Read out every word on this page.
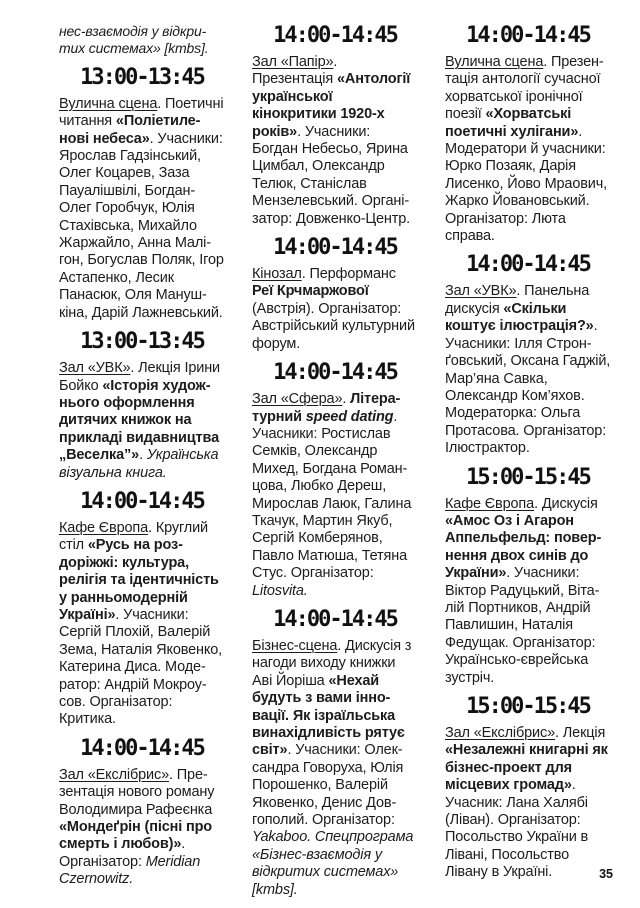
нес-взаємодія у відкритих системах» [kmbs].

13:00-13:45

Вулична сцена. Поетичні читання «Поліетиленові небеса». Учасники: Ярослав Гадзінський, Олег Коцарев, Заза Пауалішвілі, Богдан-Олег Горобчук, Юлія Стахівська, Михайло Жаржайло, Анна Малігон, Богуслав Поляк, Ігор Астапенко, Лесик Панасюк, Оля Манушкіна, Дарій Лажневський.

13:00-13:45

Зал «УВК». Лекція Ірини Бойко «Історія художнього оформлення дитячих книжок на прикладі видавництва „Веселка”». Українська візуальна книга.

14:00-14:45

Кафе Європа. Круглий стіл «Русь на роздоріжжі: культура, релігія та ідентичність у ранньомодерній Україні». Учасники: Сергій Плохій, Валерій Зема, Наталія Яковенко, Катерина Диса. Модератор: Андрій Мокроусов. Організатор: Критика.

14:00-14:45

Зал «Екслібрис». Презентація нового роману Володимира Рафеєнка «Мондеґрін (пісні про смерть і любов)». Організатор: Meridian Czernowitz.

14:00-14:45

Зал «Папір». Презентація «Антології української кінокритики 1920-х років». Учасники: Богдан Небесьо, Ярина Цимбал, Олександр Телюк, Станіслав Мензелевський. Організатор: Довженко-Центр.

14:00-14:45

Кінозал. Перформанс Реї Крчмаржової (Австрія). Організатор: Австрійський культурний форум.

14:00-14:45

Зал «Сфера». Літературний speed dating. Учасники: Ростислав Семків, Олександр Михед, Богдана Романцова, Любко Дереш, Мирослав Лаюк, Галина Ткачук, Мартин Якуб, Сергій Комберянов, Павло Матюша, Тетяна Стус. Організатор: Litosvita.

14:00-14:45

Бізнес-сцена. Дискусія з нагоди виходу книжки Аві Йоріша «Нехай будуть з вами інновації. Як ізраїльська винахідливість рятує світ». Учасники: Олександра Говоруха, Юлія Порошенко, Валерій Яковенко, Денис Довгополий. Організатор: Yakaboo. Спецпрограма «Бізнес-взаємодія у відкритих системах» [kmbs].

14:00-14:45

Вулична сцена. Презентація антології сучасної хорватської іронічної поезії «Хорватські поетичні хулігани». Модератори й учасники: Юрко Позаяк, Дарія Лисенко, Йово Мраович, Жарко Йовановський. Організатор: Люта справа.

14:00-14:45

Зал «УВК». Панельна дискусія «Скільки коштує ілюстрація?». Учасники: Ілля Стронґовський, Оксана Гаджій, Мар’яна Савка, Олександр Ком’яхов. Модераторка: Ольга Протасова. Організатор: Ілюстрактор.

15:00-15:45

Кафе Європа. Дискусія «Амос Оз і Агарон Аппельфельд: повернення двох синів до України». Учасники: Віктор Радуцький, Віталій Портников, Андрій Павлишин, Наталія Федущак. Організатор: Українсько-єврейська зустріч.

15:00-15:45

Зал «Екслібрис». Лекція «Незалежні книгарні як бізнес-проект для місцевих громад». Учасник: Лана Халябі (Ліван). Організатор: Посольство України в Лівані, Посольство Лівану в Україні.	35
